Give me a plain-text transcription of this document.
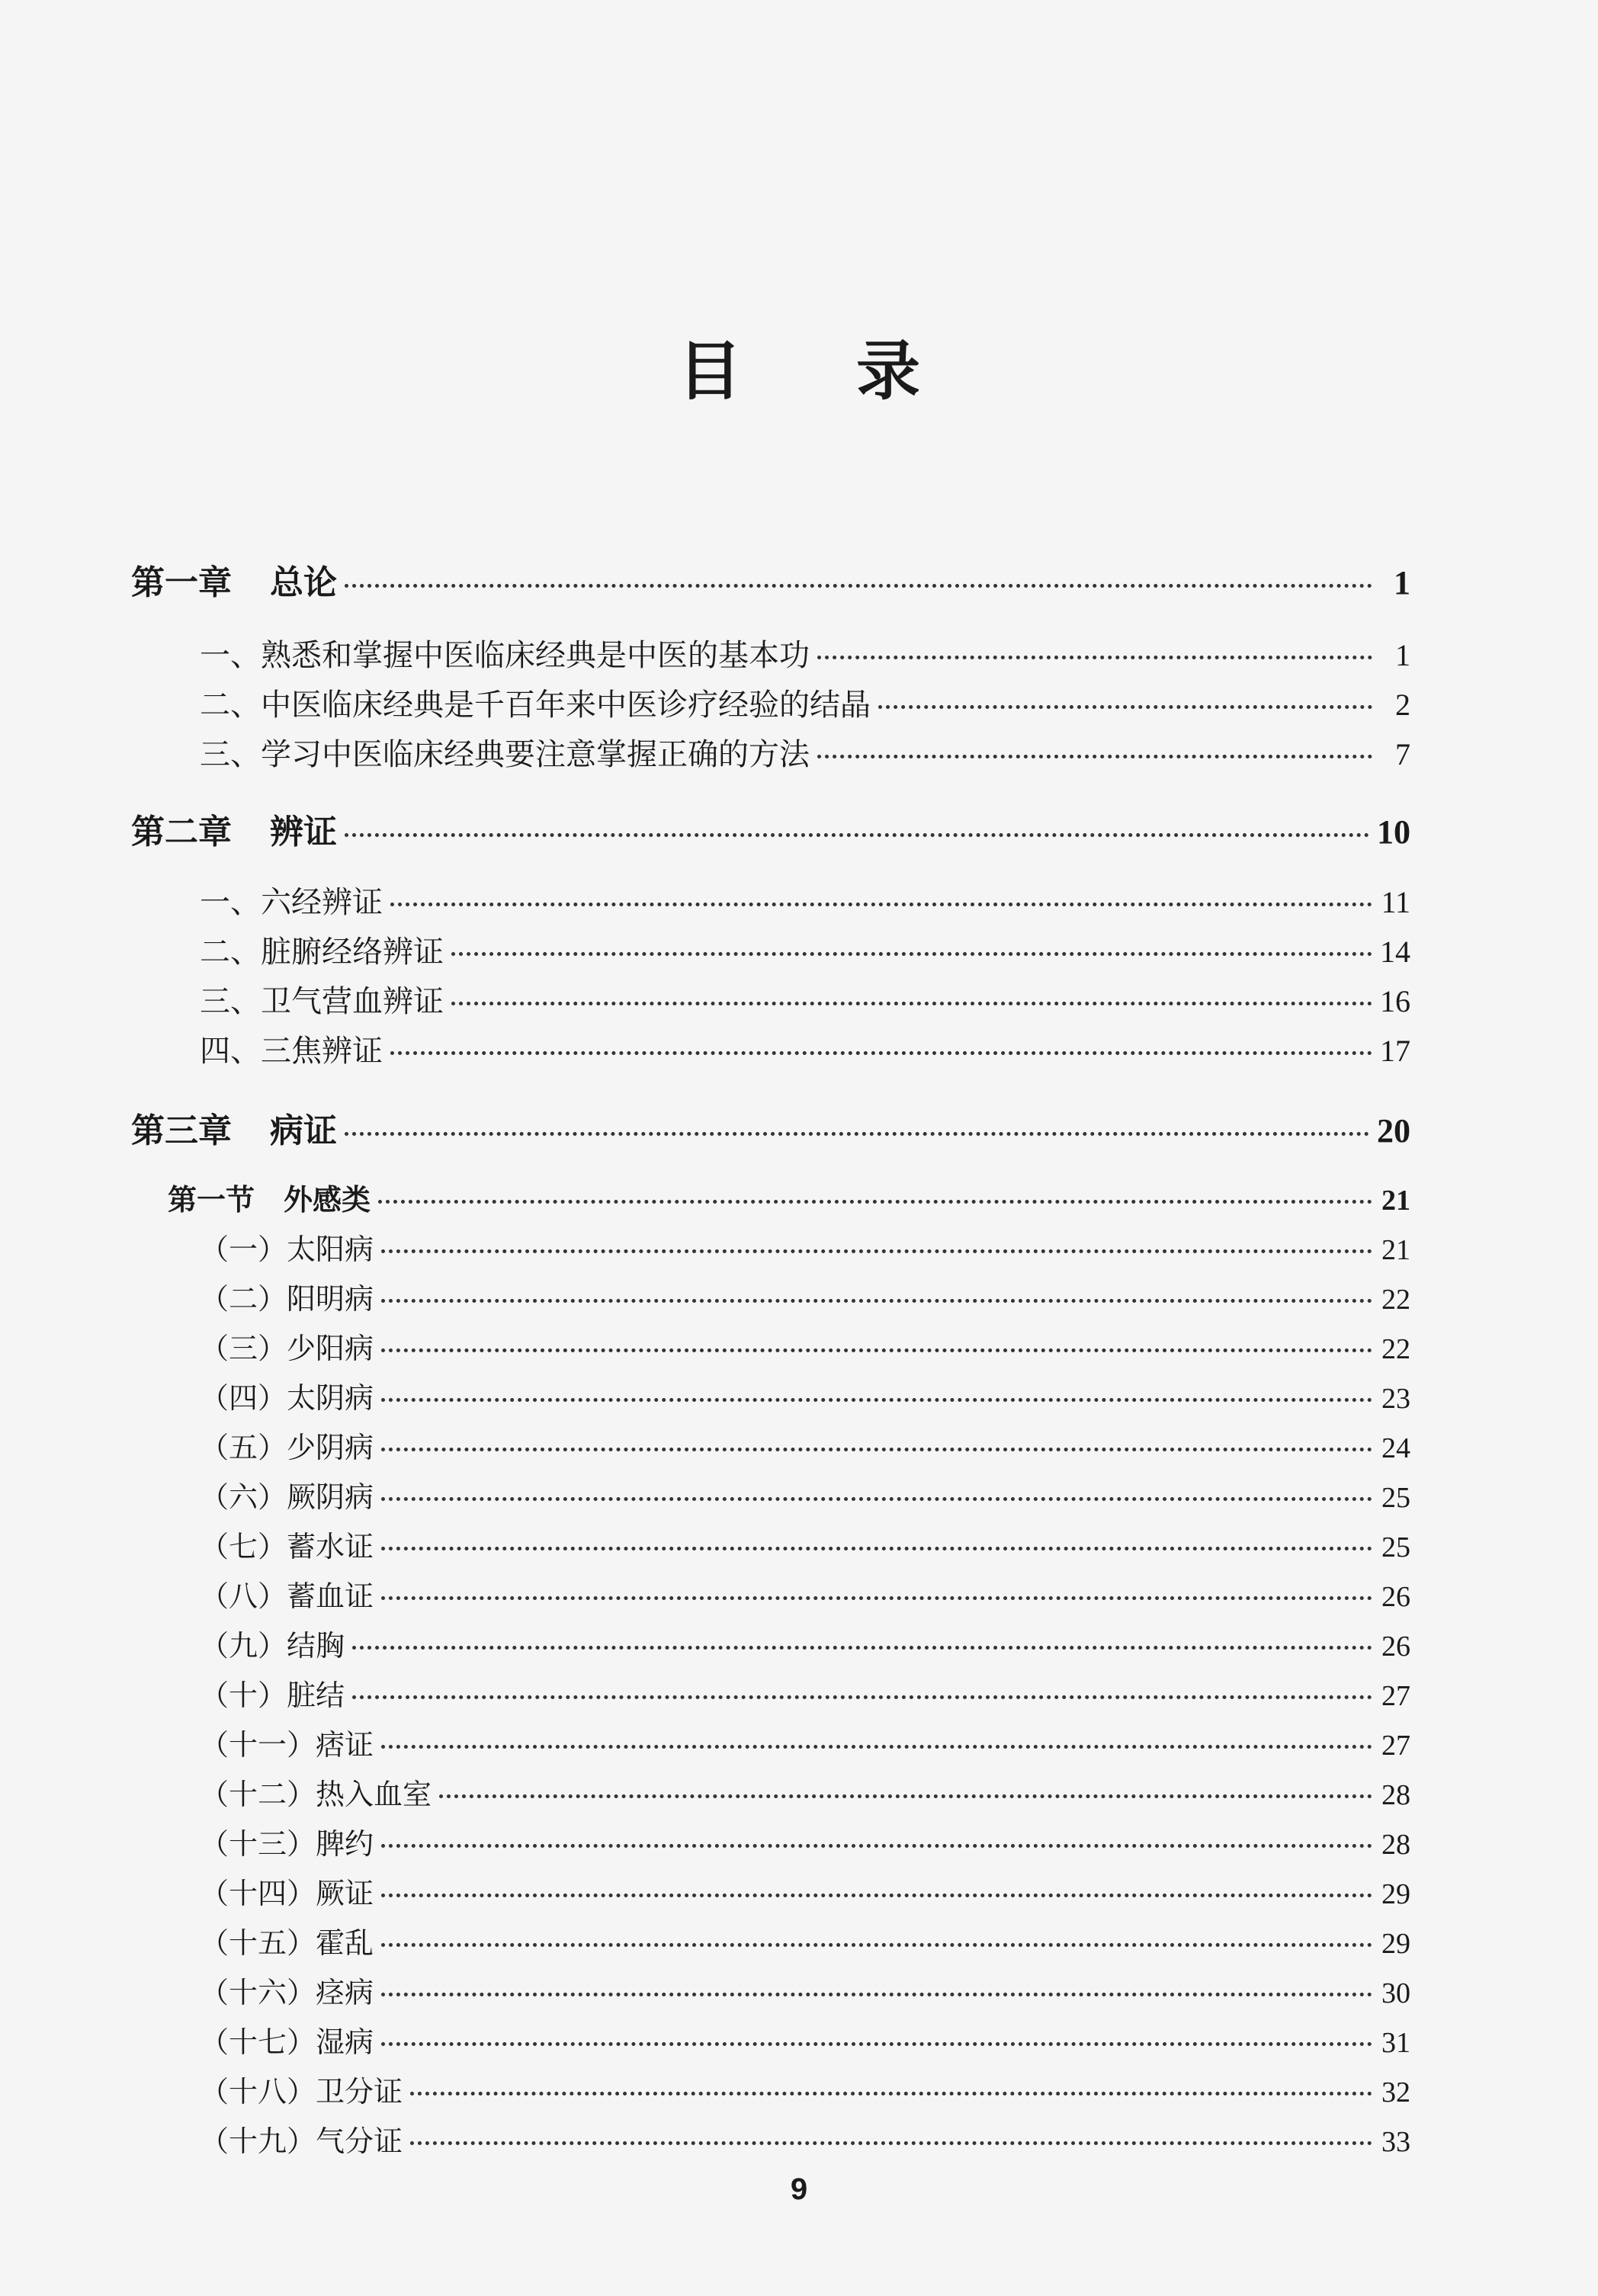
目 录
第一章 总论	1
一、熟悉和掌握中医临床经典是中医的基本功	1
二、中医临床经典是千百年来中医诊疗经验的结晶	2
三、学习中医临床经典要注意掌握正确的方法	7
第二章 辨证	10
一、六经辨证	11
二、脏腑经络辨证	14
三、卫气营血辨证	16
四、三焦辨证	17
第三章 病证	20
第一节　外感类	21
（一）太阳病	21
（二）阳明病	22
（三）少阳病	22
（四）太阴病	23
（五）少阴病	24
（六）厥阴病	25
（七）蓄水证	25
（八）蓄血证	26
（九）结胸	26
（十）脏结	27
（十一）痞证	27
（十二）热入血室	28
（十三）脾约	28
（十四）厥证	29
（十五）霍乱	29
（十六）痉病	30
（十七）湿病	31
（十八）卫分证	32
（十九）气分证	33
9
